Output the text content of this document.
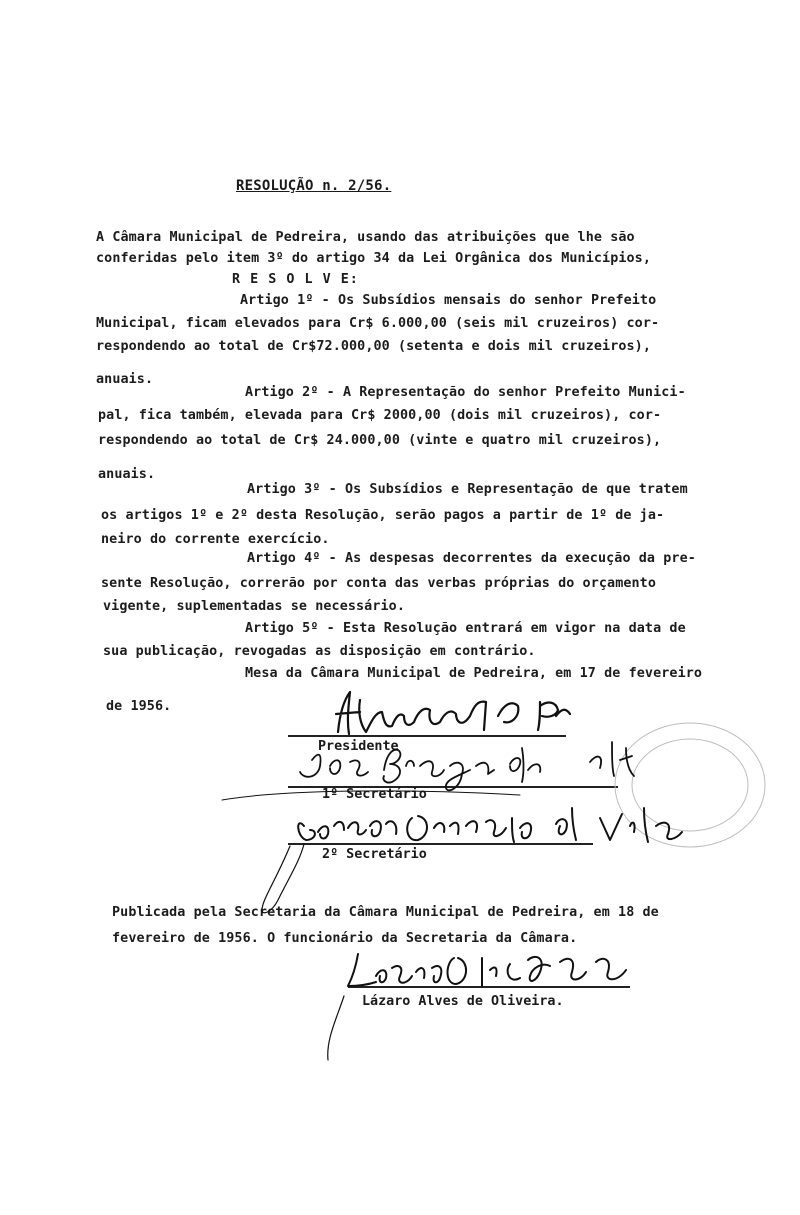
RESOLUÇÃO n. 2/56.
A Câmara Municipal de Pedreira, usando das atribuições que lhe são
conferidas pelo item 3º do artigo 34 da Lei Orgânica dos Municípios,
R E S O L V E:
Artigo 1º - Os Subsídios mensais do senhor Prefeito
Municipal, ficam elevados para Cr$ 6.000,00 (seis mil cruzeiros) cor-
respondendo ao total de Cr$72.000,00 (setenta e dois mil cruzeiros),
anuais.
Artigo 2º - A Representação do senhor Prefeito Munici-
pal, fica também, elevada para Cr$ 2000,00 (dois mil cruzeiros), cor-
respondendo ao total de Cr$ 24.000,00 (vinte e quatro mil cruzeiros),
anuais.
Artigo 3º - Os Subsídios e Representação de que tratem
os artigos 1º e 2º desta Resolução, serão pagos a partir de 1º de ja-
neiro do corrente exercício.
Artigo 4º - As despesas decorrentes da execução da pre-
sente Resolução, correrão por conta das verbas próprias do orçamento
vigente, suplementadas se necessário.
Artigo 5º - Esta Resolução entrará em vigor na data de
sua publicação, revogadas as disposição em contrário.
Mesa da Câmara Municipal de Pedreira, em 17 de fevereiro
de 1956.
Presidente
1º Secretário
2º Secretário
Publicada pela Secretaria da Câmara Municipal de Pedreira, em 18 de
fevereiro de 1956. O funcionário da Secretaria da Câmara.
Lázaro Alves de Oliveira.
